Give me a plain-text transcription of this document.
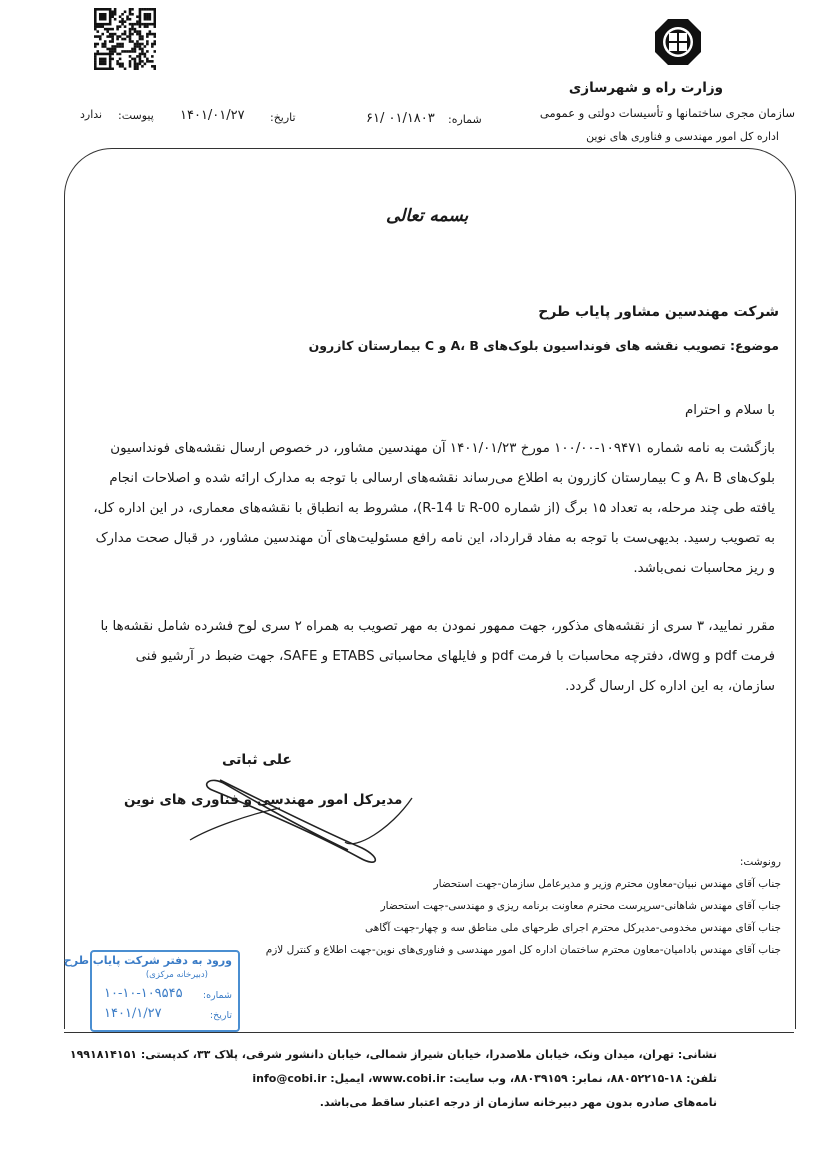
وزارت راه و شهرسازی
سازمان مجری ساختمانها و تأسیسات دولتی و عمومی
اداره کل امور مهندسی و فناوری های نوین
شماره:
۶۱/ ۰۱/۱۸۰۳
تاریخ:
۱۴۰۱/۰۱/۲۷
پیوست:
ندارد
بسمه تعالی
شرکت مهندسین مشاور پایاب طرح
موضوع: تصویب نقشه های فونداسیون بلوک‌های A، B و C بیمارستان کازرون
با سلام و احترام
بازگشت به نامه شماره ۱۰۹۴۷۱-۱۰۰/۰۰ مورخ ۱۴۰۱/۰۱/۲۳ آن مهندسین مشاور، در خصوص ارسال نقشه‌های فونداسیون
بلوک‌های A، B و C بیمارستان کازرون به اطلاع می‌رساند نقشه‌های ارسالی با توجه به مدارک ارائه شده و اصلاحات انجام
یافته طی چند مرحله، به تعداد ۱۵ برگ (از شماره R-00 تا R-14)، مشروط به انطباق با نقشه‌های معماری، در این اداره کل،
به تصویب رسید. بدیهی‌ست با توجه به مفاد قرارداد، این نامه رافع مسئولیت‌های آن مهندسین مشاور، در قبال صحت مدارک
و ریز محاسبات نمی‌باشد.
مقرر نمایید، ۳ سری از نقشه‌های مذکور، جهت ممهور نمودن به مهر تصویب به همراه ۲ سری لوح فشرده شامل نقشه‌ها با
فرمت pdf و dwg، دفترچه محاسبات با فرمت pdf و فایلهای محاسباتی ETABS و SAFE، جهت ضبط در آرشیو فنی
سازمان، به این اداره کل ارسال گردد.
علی ثباتی
مدیرکل امور مهندسی و فناوری های نوین
رونوشت:
جناب آقای مهندس نبیان-معاون محترم وزیر و مدیرعامل سازمان-جهت استحضار
جناب آقای مهندس شاهانی-سرپرست محترم معاونت برنامه ریزی و مهندسی-جهت استحضار
جناب آقای مهندس مخدومی-مدیرکل محترم اجرای طرحهای ملی مناطق سه و چهار-جهت آگاهی
جناب آقای مهندس بادامیان-معاون محترم ساختمان اداره کل امور مهندسی و فناوری‌های نوین-جهت اطلاع و کنترل لازم
ورود به دفتر شرکت پایاب طرح
(دبیرخانه مرکزی)
شماره:
۱۰-۱۰-۱۰۹۵۴۵
تاریخ:
۱۴۰۱/۱/۲۷
نشانی: تهران، میدان ونک، خیابان ملاصدرا، خیابان شیراز شمالی، خیابان دانشور شرقی، پلاک ۳۳، کدپستی: ۱۹۹۱۸۱۴۱۵۱
تلفن: ۱۸-۸۸۰۵۲۲۱۵، نمابر: ۸۸۰۳۹۱۵۹، وب سایت: www.cobi.ir، ایمیل: info@cobi.ir
نامه‌های صادره بدون مهر دبیرخانه سازمان از درجه اعتبار ساقط می‌باشد.
